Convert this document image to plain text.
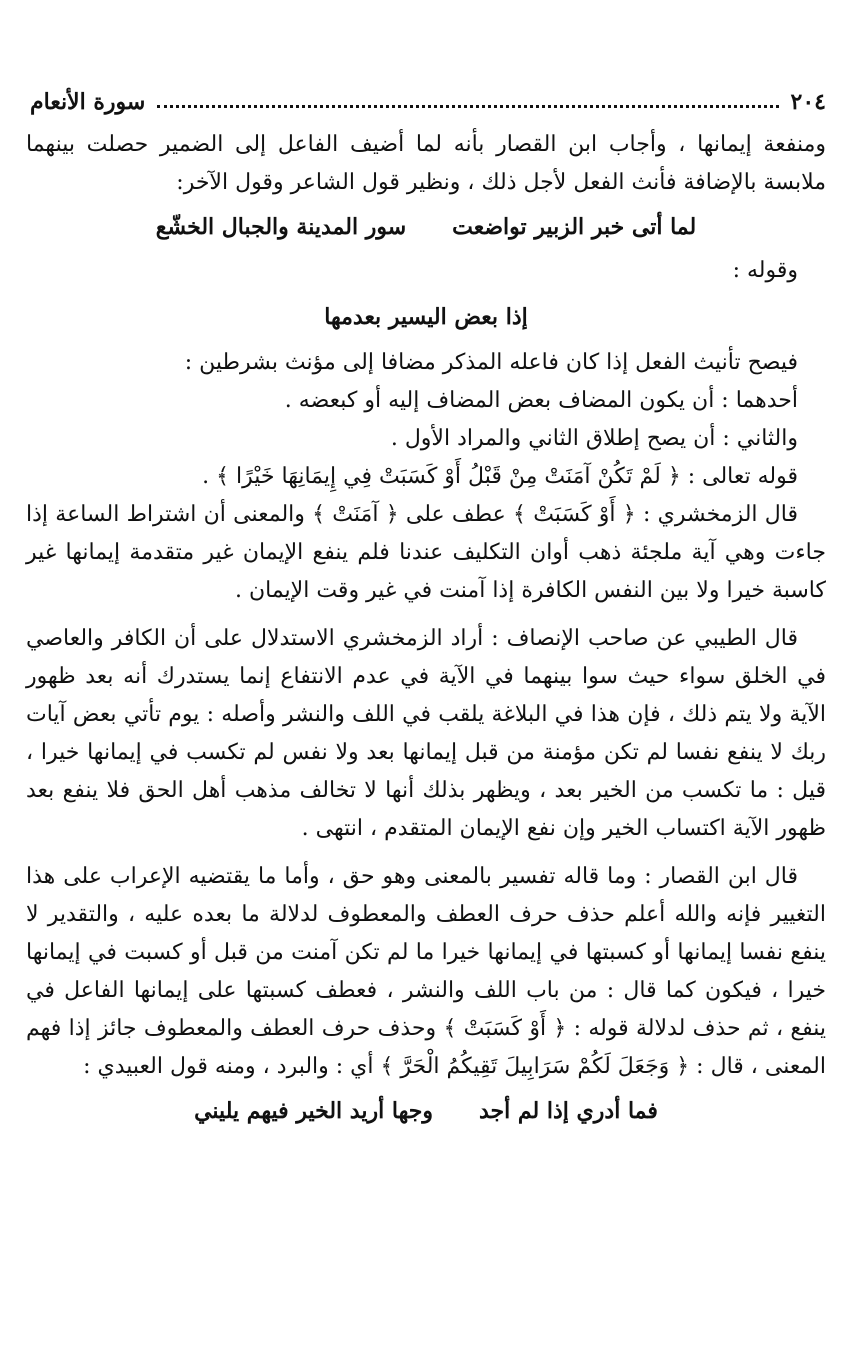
٢٠٤
سورة الأنعام

ومنفعة إيمانها ، وأجاب ابن القصار بأنه لما أضيف الفاعل إلى الضمير حصلت بينهما ملابسة بالإضافة فأنث الفعل لأجل ذلك ، ونظير قول الشاعر وقول الآخر:

لما أتى خبر الزبير تواضعت
سور المدينة والجبال الخشّع

وقوله :

إذا بعض اليسير بعدمها

فيصح تأنيث الفعل إذا كان فاعله المذكر مضافا إلى مؤنث بشرطين :

أحدهما : أن يكون المضاف بعض المضاف إليه أو كبعضه .

والثاني : أن يصح إطلاق الثاني والمراد الأول .

قوله تعالى : ﴿ لَمْ تَكُنْ آمَنَتْ مِنْ قَبْلُ أَوْ كَسَبَتْ فِي إِيمَانِهَا خَيْرًا ﴾ .

قال الزمخشري : ﴿ أَوْ كَسَبَتْ ﴾ عطف على ﴿ آمَنَتْ ﴾ والمعنى أن اشتراط الساعة إذا جاءت وهي آية ملجئة ذهب أوان التكليف عندنا فلم ينفع الإيمان غير متقدمة إيمانها غير كاسبة خيرا ولا بين النفس الكافرة إذا آمنت في غير وقت الإيمان .

قال الطيبي عن صاحب الإنصاف : أراد الزمخشري الاستدلال على أن الكافر والعاصي في الخلق سواء حيث سوا بينهما في الآية في عدم الانتفاع إنما يستدرك أنه بعد ظهور الآية ولا يتم ذلك ، فإن هذا في البلاغة يلقب في اللف والنشر وأصله : يوم تأتي بعض آيات ربك لا ينفع نفسا لم تكن مؤمنة من قبل إيمانها بعد ولا نفس لم تكسب في إيمانها خيرا ، قيل : ما تكسب من الخير بعد ، ويظهر بذلك أنها لا تخالف مذهب أهل الحق فلا ينفع بعد ظهور الآية اكتساب الخير وإن نفع الإيمان المتقدم ، انتهى .

قال ابن القصار : وما قاله تفسير بالمعنى وهو حق ، وأما ما يقتضيه الإعراب على هذا التغيير فإنه والله أعلم حذف حرف العطف والمعطوف لدلالة ما بعده عليه ، والتقدير لا ينفع نفسا إيمانها أو كسبتها في إيمانها خيرا ما لم تكن آمنت من قبل أو كسبت في إيمانها خيرا ، فيكون كما قال : من باب اللف والنشر ، فعطف كسبتها على إيمانها الفاعل في ينفع ، ثم حذف لدلالة قوله : ﴿ أَوْ كَسَبَتْ ﴾ وحذف حرف العطف والمعطوف جائز إذا فهم المعنى ، قال : ﴿ وَجَعَلَ لَكُمْ سَرَابِيلَ تَقِيكُمُ الْحَرَّ ﴾ أي : والبرد ، ومنه قول العبيدي :

فما أدري إذا لم أجد
وجها أريد الخير فيهم يليني
